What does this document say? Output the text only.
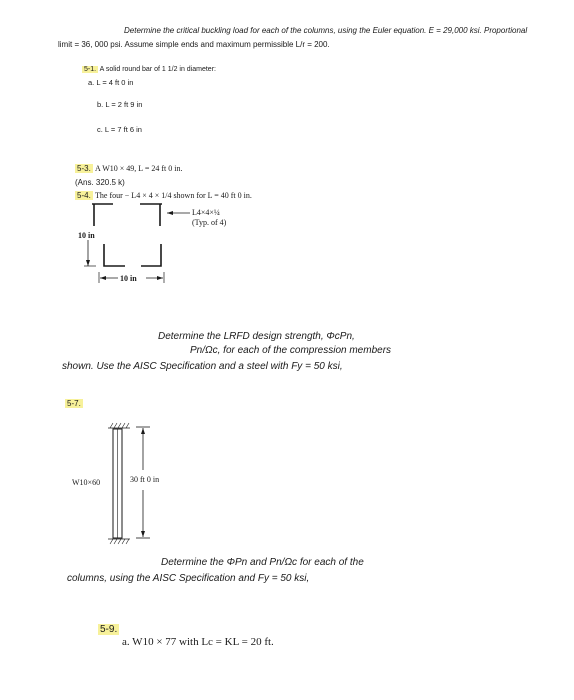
Determine the critical buckling load for each of the columns, using the Euler equation. E = 29,000 ksi. Proportional
limit = 36, 000 psi. Assume simple ends and maximum permissible L/r = 200.
5-1. A solid round bar of 1 1/2 in diameter:
a. L = 4 ft 0 in
b. L = 2 ft 9 in
c. L = 7 ft 6 in
5-3. A W10 × 49, L = 24 ft 0 in.
(Ans. 320.5 k)
5-4. The four − L4 × 4 × 1/4 shown for L = 40 ft 0 in.
L4×4×¼
(Typ. of 4)
10 in
10 in
Determine the LRFD design strength, ΦcPn,
Pn/Ωc, for each of the compression members
shown. Use the AISC Specification and a steel with Fy = 50 ksi,
5-7.
W10×60	30 ft 0 in
Determine the ΦPn and Pn/Ωc for each of the
columns, using the AISC Specification and Fy = 50 ksi,
5-9.
a. W10 × 77 with Lc = KL = 20 ft.
